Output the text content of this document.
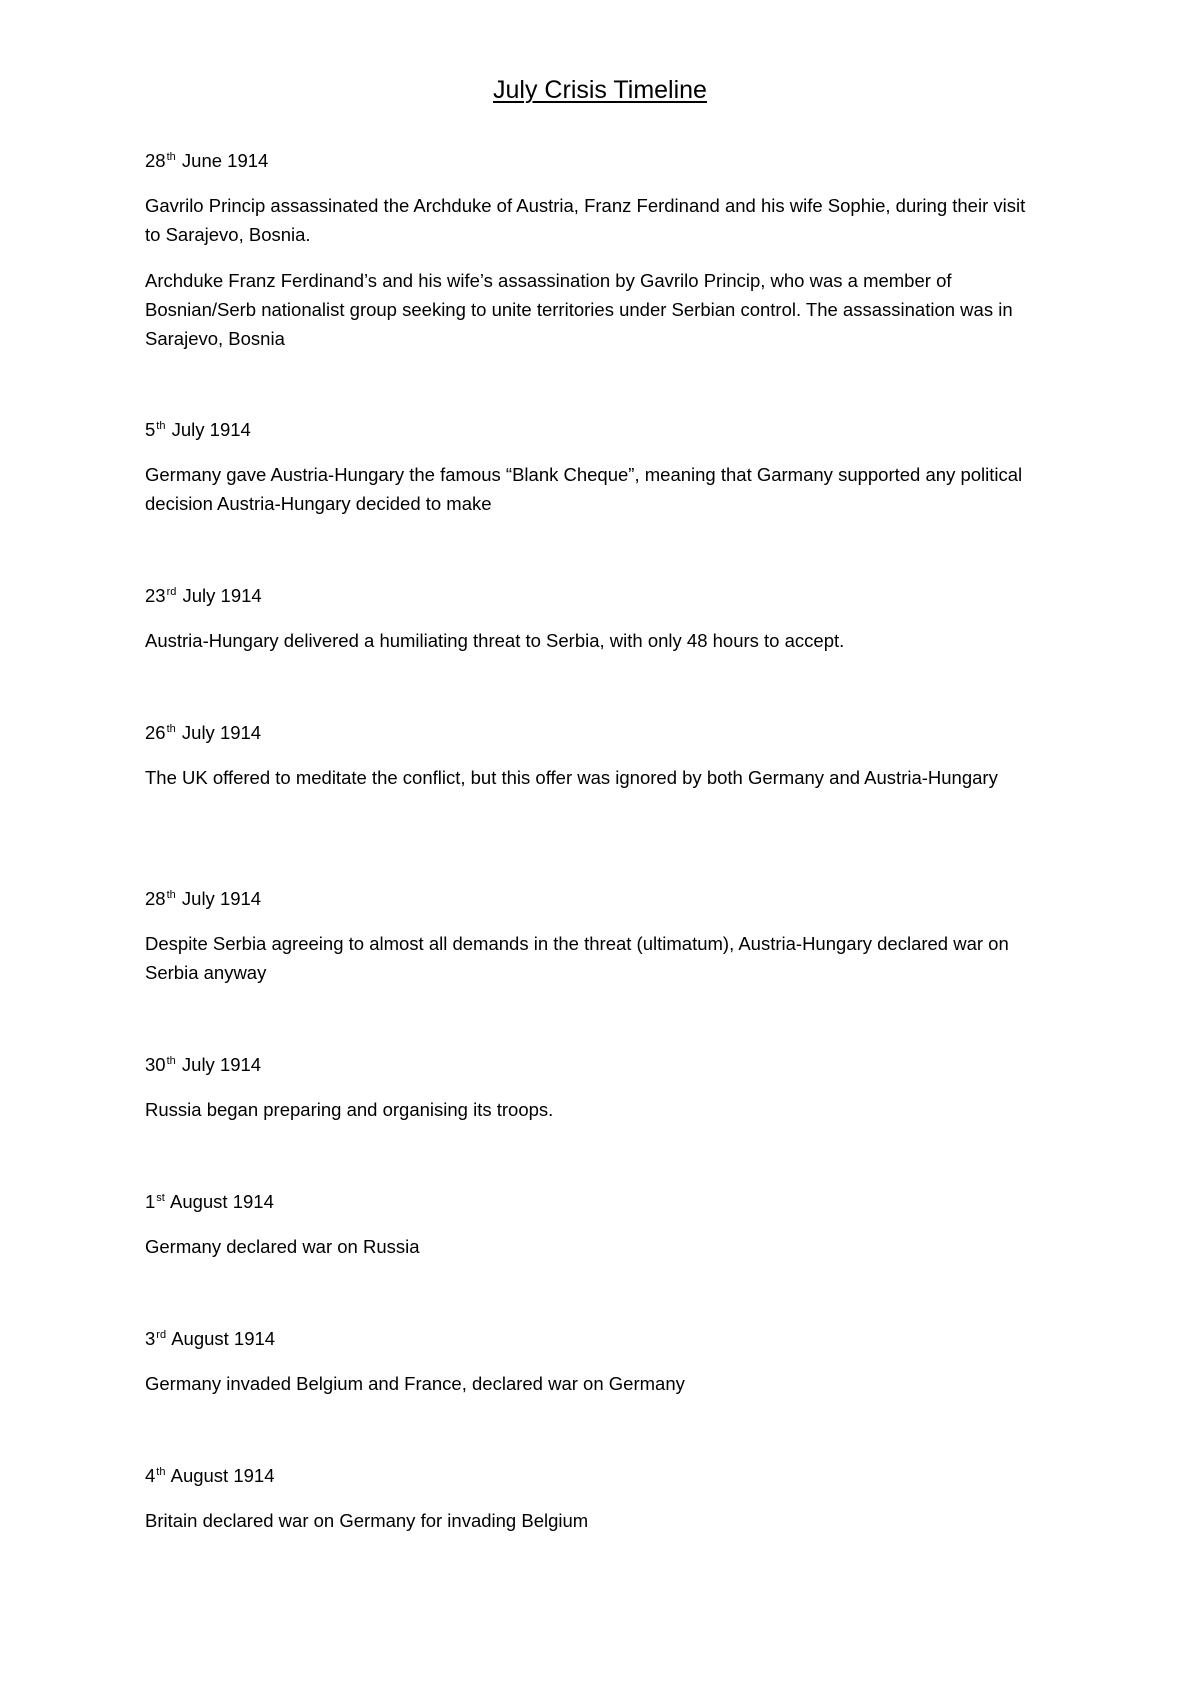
July Crisis Timeline

28th June 1914

Gavrilo Princip assassinated the Archduke of Austria, Franz Ferdinand and his wife Sophie, during their visit to Sarajevo, Bosnia.

Archduke Franz Ferdinand’s and his wife’s assassination by Gavrilo Princip, who was a member of Bosnian/Serb nationalist group seeking to unite territories under Serbian control. The assassination was in Sarajevo, Bosnia

5th July 1914

Germany gave Austria-Hungary the famous “Blank Cheque”, meaning that Garmany supported any political decision Austria-Hungary decided to make

23rd July 1914

Austria-Hungary delivered a humiliating threat to Serbia, with only 48 hours to accept.

26th July 1914

The UK offered to meditate the conflict, but this offer was ignored by both Germany and Austria-Hungary

28th July 1914

Despite Serbia agreeing to almost all demands in the threat (ultimatum), Austria-Hungary declared war on Serbia anyway

30th July 1914

Russia began preparing and organising its troops.

1st August 1914

Germany declared war on Russia

3rd August 1914

Germany invaded Belgium and France, declared war on Germany

4th August 1914

Britain declared war on Germany for invading Belgium
